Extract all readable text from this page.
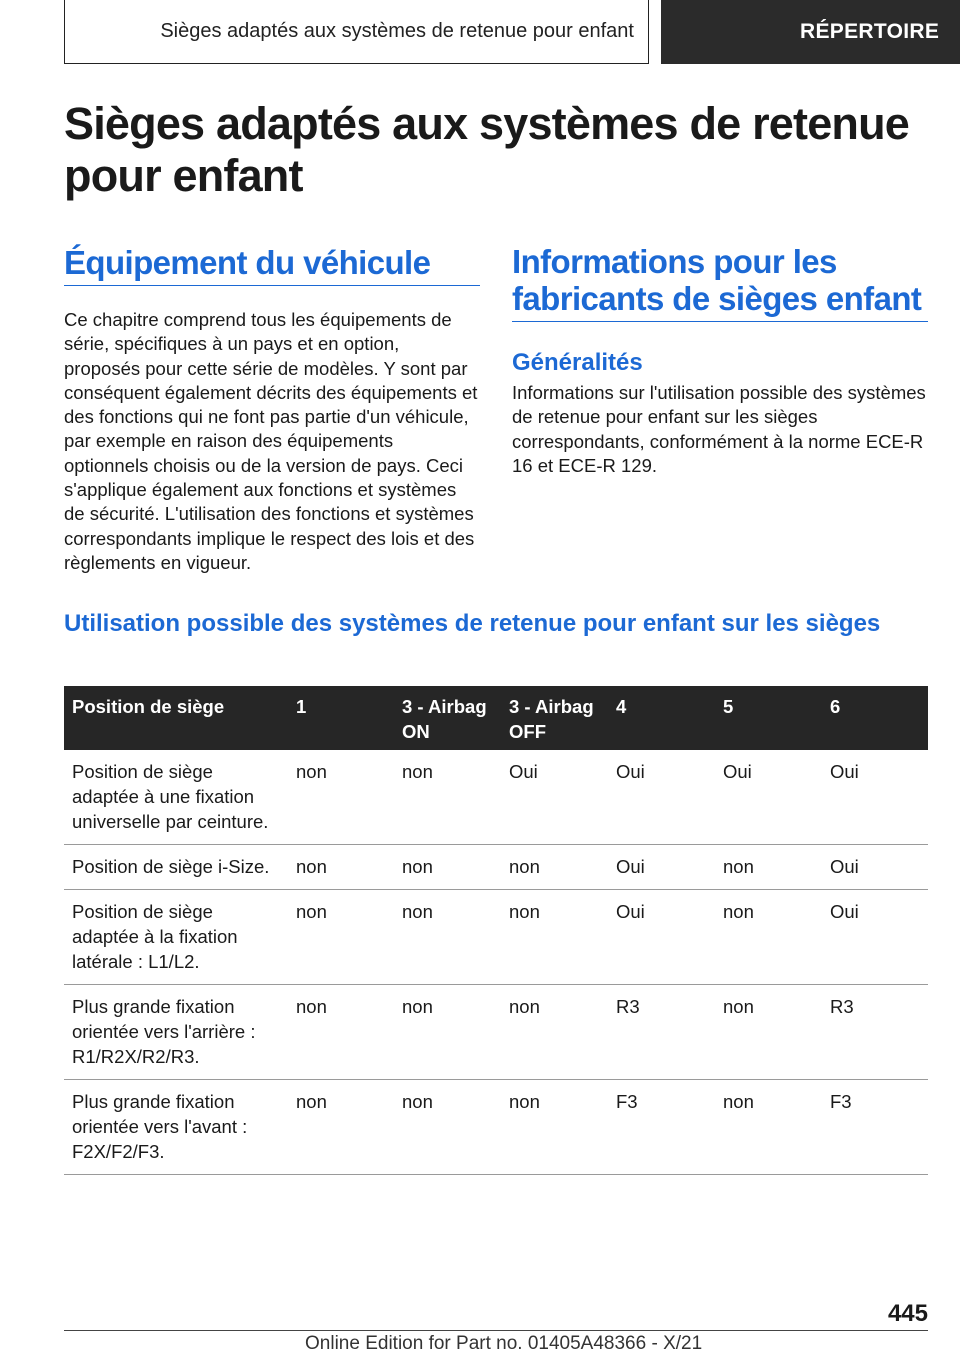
Sièges adaptés aux systèmes de retenue pour enfant	RÉPERTOIRE
Sièges adaptés aux systèmes de retenue pour enfant
Équipement du véhicule

Ce chapitre comprend tous les équipements de série, spécifiques à un pays et en option, proposés pour cette série de modèles. Y sont par conséquent également décrits des équipements et des fonctions qui ne font pas partie d'un véhicule, par exemple en raison des équipements optionnels choisis ou de la version de pays. Ceci s'applique également aux fonctions et systèmes de sécurité. L'utilisation des fonctions et systèmes correspondants implique le respect des lois et des règlements en vigueur.

Informations pour les fabricants de sièges enfant
Généralités

Informations sur l'utilisation possible des systèmes de retenue pour enfant sur les sièges correspondants, conformément à la norme ECE-R 16 et ECE-R 129.

Utilisation possible des systèmes de retenue pour enfant sur les sièges
Position de siège	1	3 - Airbag ON	3 - Airbag OFF	4	5	6
Position de siège adaptée à une fixation universelle par ceinture.	non	non	Oui	Oui	Oui	Oui
Position de siège i-Size.	non	non	non	Oui	non	Oui
Position de siège adaptée à la fixation latérale : L1/L2.	non	non	non	Oui	non	Oui
Plus grande fixation orientée vers l'arrière : R1/R2X/R2/R3.	non	non	non	R3	non	R3
Plus grande fixation orientée vers l'avant : F2X/F2/F3.	non	non	non	F3	non	F3
445
Online Edition for Part no. 01405A48366 - X/21
